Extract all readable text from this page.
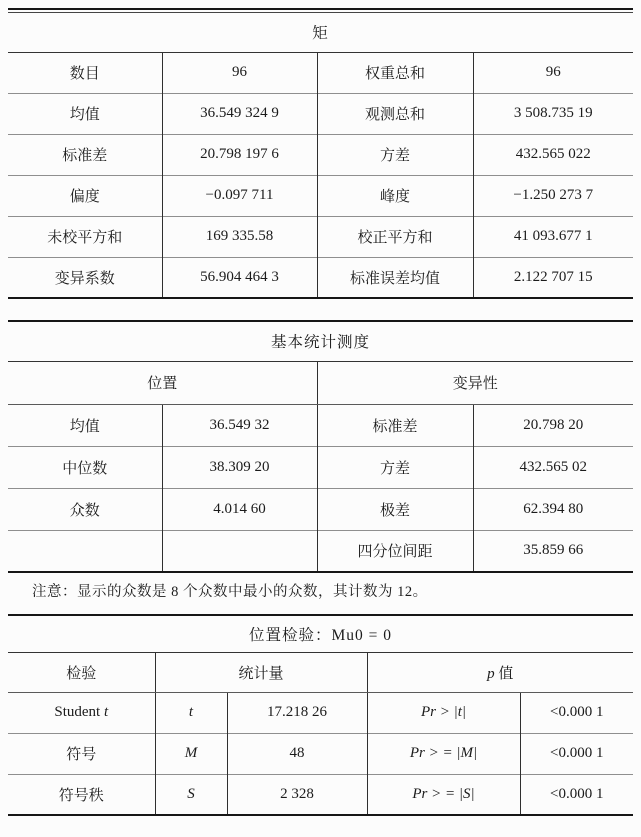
矩			
数目	96	权重总和	96
均值	36.549 324 9	观测总和	3 508.735 19
标准差	20.798 197 6	方差	432.565 022
偏度	−0.097 711	峰度	−1.250 273 7
未校平方和	169 335.58	校正平方和	41 093.677 1
变异系数	56.904 464 3	标准误差均值	2.122 707 15
基本统计测度			
位置		变异性	
均值	36.549 32	标准差	20.798 20
中位数	38.309 20	方差	432.565 02
众数	4.014 60	极差	62.394 80
		四分位间距	35.859 66

注意：显示的众数是 8 个众数中最小的众数，其计数为 12。

位置检验：Mu0 = 0				
检验	统计量		p 值	
Student t	t	17.218 26	Pr > |t|	<0.000 1
符号	M	48	Pr > = |M|	<0.000 1
符号秩	S	2 328	Pr > = |S|	<0.000 1
